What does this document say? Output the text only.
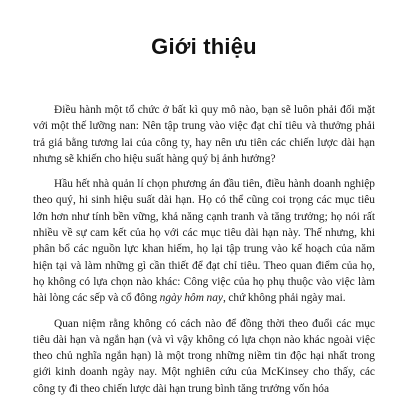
Giới thiệu

Điều hành một tổ chức ở bất kì quy mô nào, bạn sẽ luôn phải đối mặt với một thế lưỡng nan: Nên tập trung vào việc đạt chỉ tiêu và thưởng phải trả giá bằng tương lai của công ty, hay nên ưu tiên các chiến lược dài hạn nhưng sẽ khiến cho hiệu suất hàng quý bị ảnh hưởng?

Hầu hết nhà quản lí chọn phương án đầu tiên, điều hành doanh nghiệp theo quý, hi sinh hiệu suất dài hạn. Họ có thể cũng coi trọng các mục tiêu lớn hơn như tính bền vững, khả năng cạnh tranh và tăng trưởng; họ nói rất nhiều về sự cam kết của họ với các mục tiêu dài hạn này. Thế nhưng, khi phân bổ các nguồn lực khan hiếm, họ lại tập trung vào kế hoạch của năm hiện tại và làm những gì cần thiết để đạt chỉ tiêu. Theo quan điểm của họ, họ không có lựa chọn nào khác: Công việc của họ phụ thuộc vào việc làm hài lòng các sếp và cổ đông ngày hôm nay, chứ không phải ngày mai.

Quan niệm rằng không có cách nào để đồng thời theo đuổi các mục tiêu dài hạn và ngắn hạn (và vì vậy không có lựa chọn nào khác ngoài việc theo chủ nghĩa ngắn hạn) là một trong những niềm tin độc hại nhất trong giới kinh doanh ngày nay. Một nghiên cứu của McKinsey cho thấy, các công ty đi theo chiến lược dài hạn trung bình tăng trưởng vốn hóa
